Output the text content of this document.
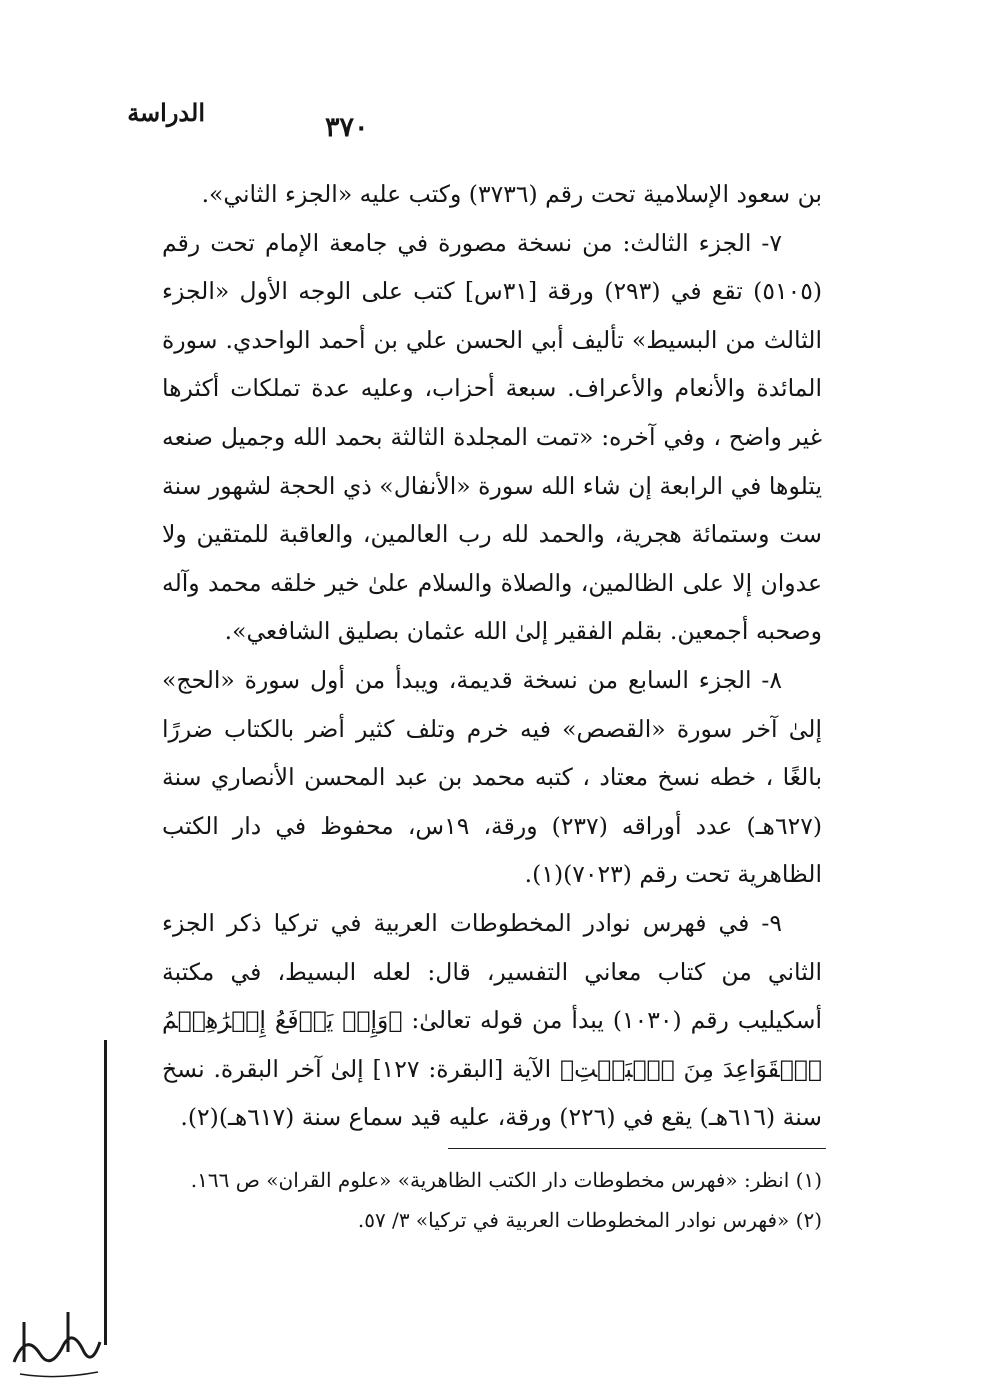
الدراسة	٣٧٠

بن سعود الإسلامية تحت رقم (٣٧٣٦) وكتب عليه «الجزء الثاني».

٧- الجزء الثالث: من نسخة مصورة في جامعة الإمام تحت رقم (٥١٠٥) تقع في (٢٩٣) ورقة [٣١س] كتب على الوجه الأول «الجزء الثالث من البسيط» تأليف أبي الحسن علي بن أحمد الواحدي. سورة المائدة والأنعام والأعراف. سبعة أحزاب، وعليه عدة تملكات أكثرها غير واضح ، وفي آخره: «تمت المجلدة الثالثة بحمد الله وجميل صنعه يتلوها في الرابعة إن شاء الله سورة «الأنفال» ذي الحجة لشهور سنة ست وستمائة هجرية، والحمد لله رب العالمين، والعاقبة للمتقين ولا عدوان إلا على الظالمين، والصلاة والسلام علىٰ خير خلقه محمد وآله وصحبه أجمعين. بقلم الفقير إلىٰ الله عثمان بصليق الشافعي».

٨- الجزء السابع من نسخة قديمة، ويبدأ من أول سورة «الحج» إلىٰ آخر سورة «القصص» فيه خرم وتلف كثير أضر بالكتاب ضررًا بالغًا ، خطه نسخ معتاد ، كتبه محمد بن عبد المحسن الأنصاري سنة (٦٢٧هـ) عدد أوراقه (٢٣٧) ورقة، ١٩س، محفوظ في دار الكتب الظاهرية تحت رقم (٧٠٢٣)(١).

٩- في فهرس نوادر المخطوطات العربية في تركيا ذكر الجزء الثاني من كتاب معاني التفسير، قال: لعله البسيط، في مكتبة أسكيليب رقم (١٠٣٠) يبدأ من قوله تعالىٰ: ﴿وَإِذۡ يَرۡفَعُ إِبۡرَٰهِـۧمُ ٱلۡقَوَاعِدَ مِنَ ٱلۡبَيۡتِ﴾ الآية [البقرة: ١٢٧] إلىٰ آخر البقرة. نسخ سنة (٦١٦هـ) يقع في (٢٢٦) ورقة، عليه قيد سماع سنة (٦١٧هـ)(٢).

(١) انظر: «فهرس مخطوطات دار الكتب الظاهرية» «علوم القران» ص ١٦٦.

(٢) «فهرس نوادر المخطوطات العربية في تركيا» ٣/ ٥٧.
